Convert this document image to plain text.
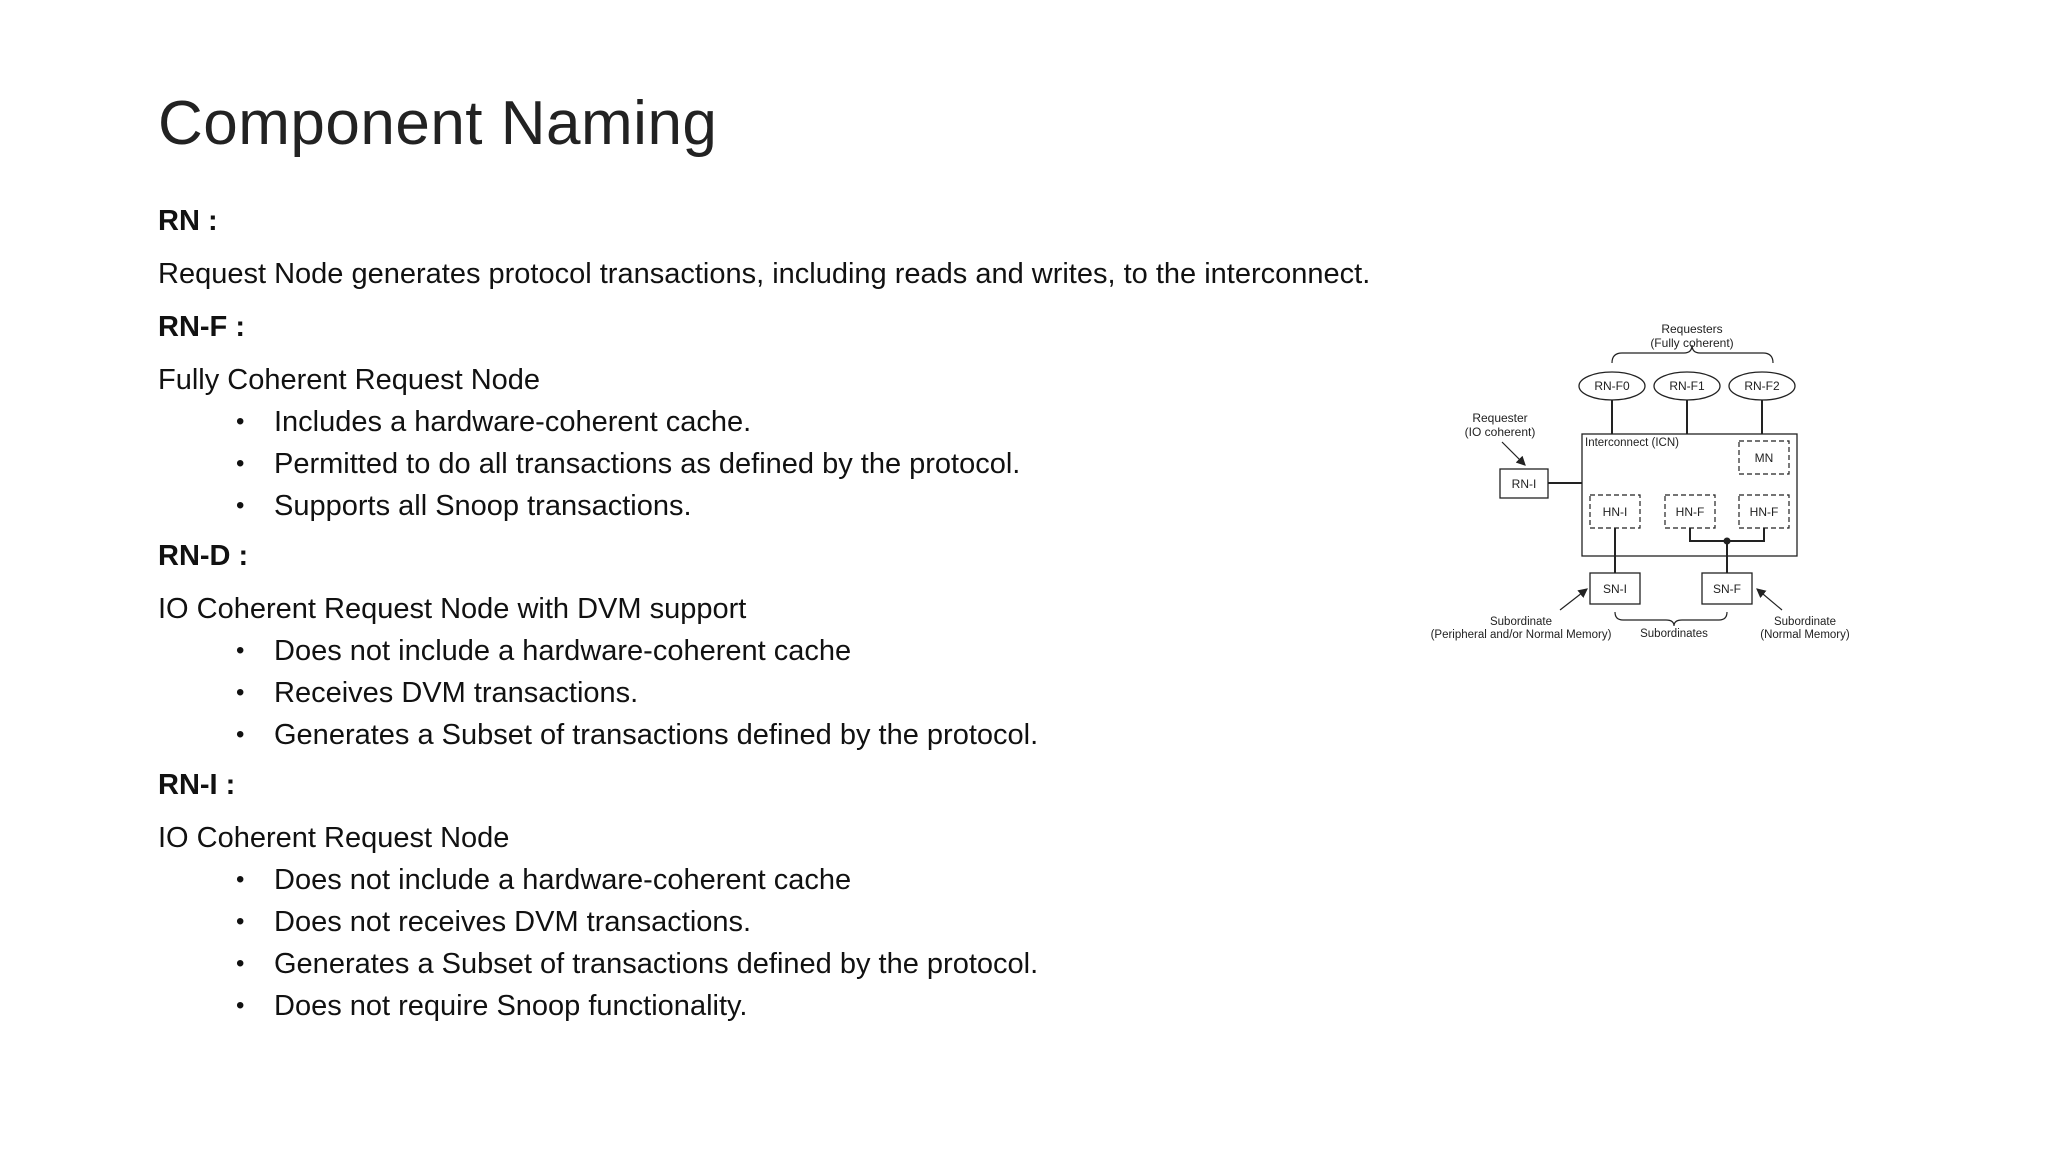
Component Naming
RN :
Request Node generates protocol transactions, including reads and writes, to the interconnect.
RN-F :
Fully Coherent Request Node
• Includes a hardware-coherent cache.
• Permitted to do all transactions as defined by the protocol.
• Supports all Snoop transactions.
RN-D :
IO Coherent Request Node with DVM support
• Does not include a hardware-coherent cache
• Receives DVM transactions.
• Generates a Subset of transactions defined by the protocol.
RN-I :
IO Coherent Request Node
• Does not include a hardware-coherent cache
• Does not receives DVM transactions.
• Generates a Subset of transactions defined by the protocol.
• Does not require Snoop functionality.
Requesters
(Fully coherent)
RN-F0	RN-F1	RN-F2
Requester
(IO coherent)
Interconnect (ICN)
RN-I
MN
HN-I	HN-F	HN-F
SN-I	SN-F
Subordinate
(Peripheral and/or Normal Memory) Subordinates
Subordinate
(Normal Memory)
